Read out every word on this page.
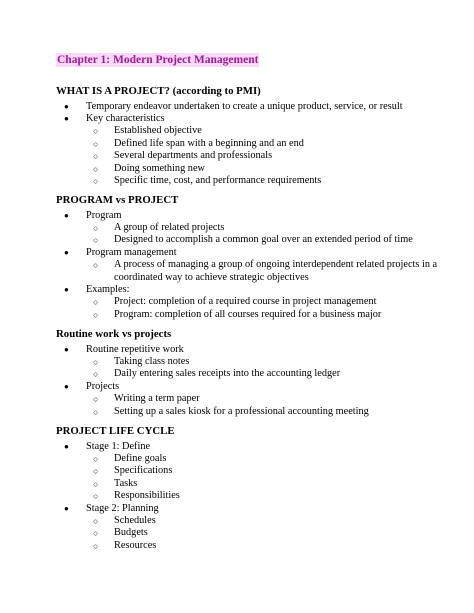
Chapter 1: Modern Project Management
WHAT IS A PROJECT? (according to PMI)
● Temporary endeavor undertaken to create a unique product, service, or result
● Key characteristics
○ Established objective
○ Defined life span with a beginning and an end
○ Several departments and professionals
○ Doing something new
○ Specific time, cost, and performance requirements
PROGRAM vs PROJECT
● Program
○ A group of related projects
○ Designed to accomplish a common goal over an extended period of time
● Program management
○ A process of managing a group of ongoing interdependent related projects in a coordinated way to achieve strategic objectives
● Examples:
○ Project: completion of a required course in project management
○ Program: completion of all courses required for a business major
Routine work vs projects
● Routine repetitive work
○ Taking class notes
○ Daily entering sales receipts into the accounting ledger
● Projects
○ Writing a term paper
○ Setting up a sales kiosk for a professional accounting meeting
PROJECT LIFE CYCLE
● Stage 1: Define
○ Define goals
○ Specifications
○ Tasks
○ Responsibilities
● Stage 2: Planning
○ Schedules
○ Budgets
○ Resources
